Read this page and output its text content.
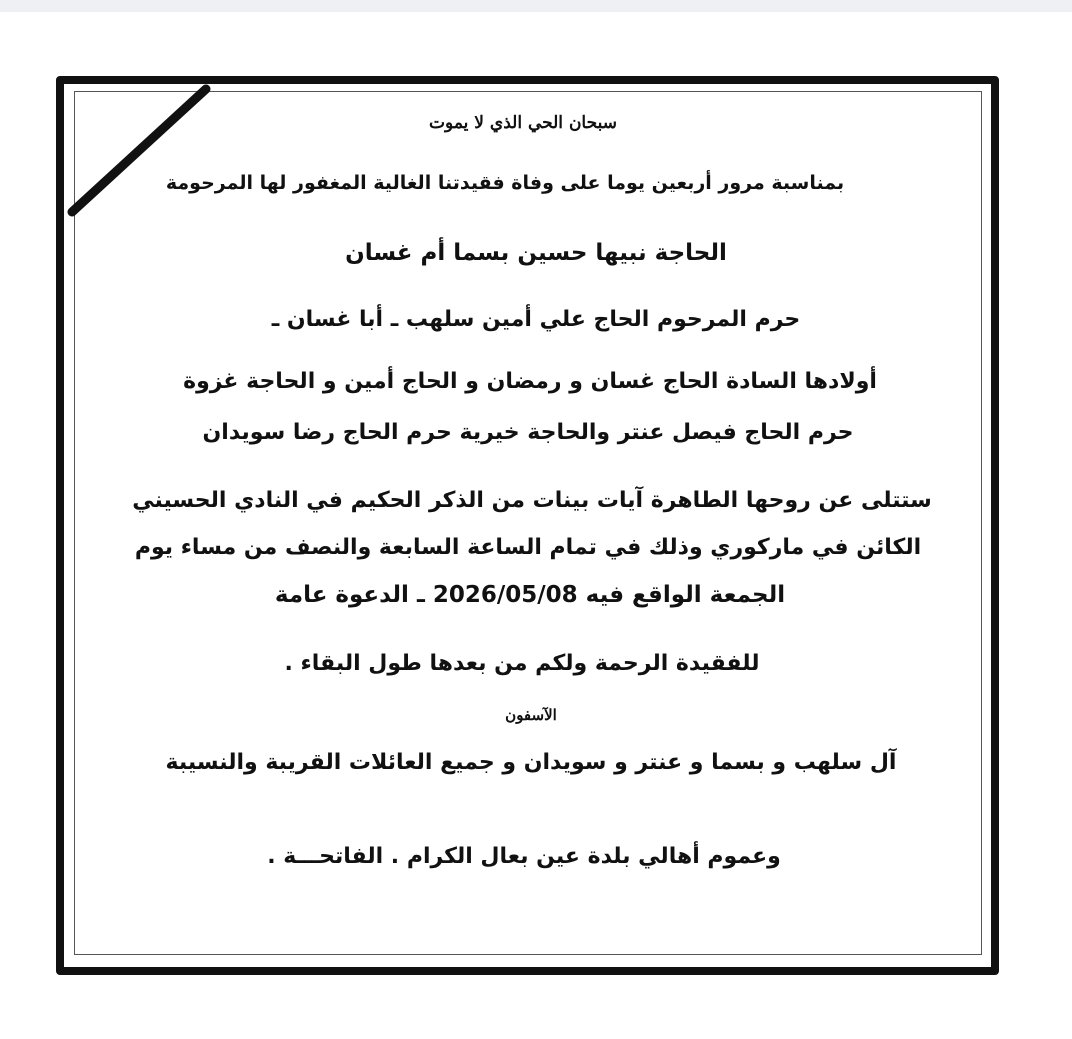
سبحان الحي الذي لا يموت
بمناسبة مرور أربعين يوما على وفاة فقيدتنا الغالية المغفور لها المرحومة
الحاجة نبيها حسين بسما أم غسان
حرم المرحوم الحاج علي أمين سلهب ـ أبا غسان ـ
أولادها السادة الحاج غسان و رمضان و الحاج أمين و الحاجة غزوة
حرم الحاج فيصل عنتر والحاجة خيرية حرم الحاج رضا سويدان
ستتلى عن روحها الطاهرة آيات بينات من الذكر الحكيم في النادي الحسيني
الكائن في ماركوري وذلك في تمام الساعة السابعة والنصف من مساء يوم
الجمعة الواقع فيه 2026/05/08 ـ الدعوة عامة
للفقيدة الرحمة ولكم من بعدها طول البقاء .
الآسفون
آل سلهب و بسما و عنتر و سويدان و جميع العائلات القريبة والنسيبة
وعموم أهالي بلدة عين بعال الكرام . الفاتحـــة .
